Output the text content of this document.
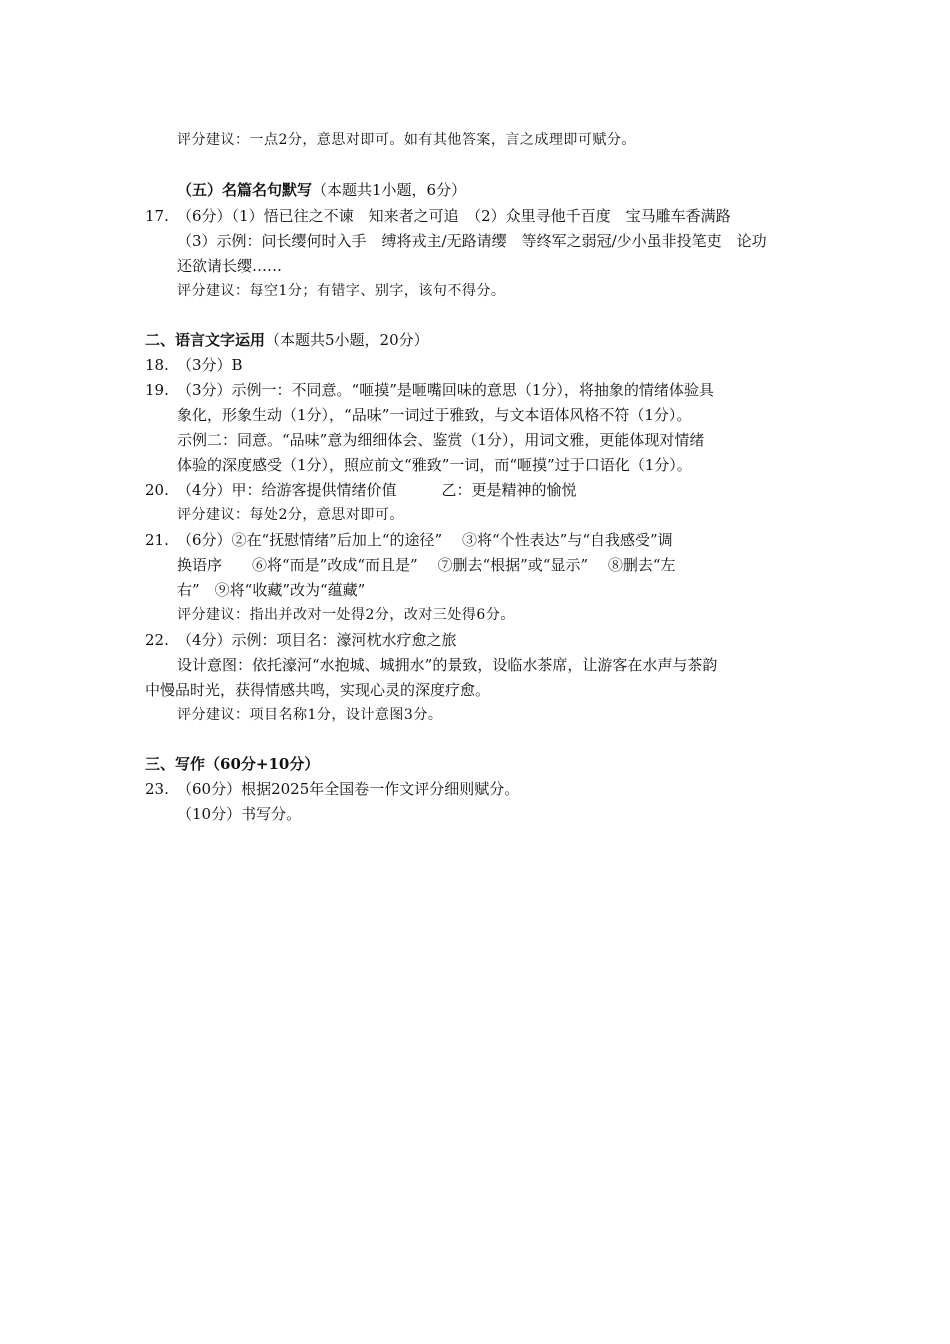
评分建议：一点2分，意思对即可。如有其他答案，言之成理即可赋分。
（五）名篇名句默写（本题共1小题，6分）
17. （6分）（1）悟已往之不谏　知来者之可追　（2）众里寻他千百度　宝马雕车香满路
（3）示例：问长缨何时入手　缚将戎主/无路请缨　等终军之弱冠/少小虽非投笔吏　论功
还欲请长缨……
评分建议：每空1分；有错字、别字，该句不得分。
二、语言文字运用（本题共5小题，20分）
18. （3分）B
19. （3分）示例一：不同意。“咂摸”是咂嘴回味的意思（1分），将抽象的情绪体验具
象化，形象生动（1分），“品味”一词过于雅致，与文本语体风格不符（1分）。
示例二：同意。“品味”意为细细体会、鉴赏（1分），用词文雅，更能体现对情绪
体验的深度感受（1分），照应前文“雅致”一词，而“咂摸”过于口语化（1分）。
20. （4分）甲：给游客提供情绪价值　　　乙：更是精神的愉悦
评分建议：每处2分，意思对即可。
21. （6分）②在“抚慰情绪”后加上“的途径”　 ③将“个性表达”与“自我感受”调
换语序　　⑥将“而是”改成“而且是”　 ⑦删去“根据”或“显示”　 ⑧删去“左
右”　⑨将“收藏”改为“蕴藏”
评分建议：指出并改对一处得2分，改对三处得6分。
22. （4分）示例：项目名：濠河枕水疗愈之旅
设计意图：依托濠河“水抱城、城拥水”的景致，设临水茶席，让游客在水声与茶韵
中慢品时光，获得情感共鸣，实现心灵的深度疗愈。
评分建议：项目名称1分，设计意图3分。
三、写作（60分+10分）
23. （60分）根据2025年全国卷一作文评分细则赋分。
（10分）书写分。
